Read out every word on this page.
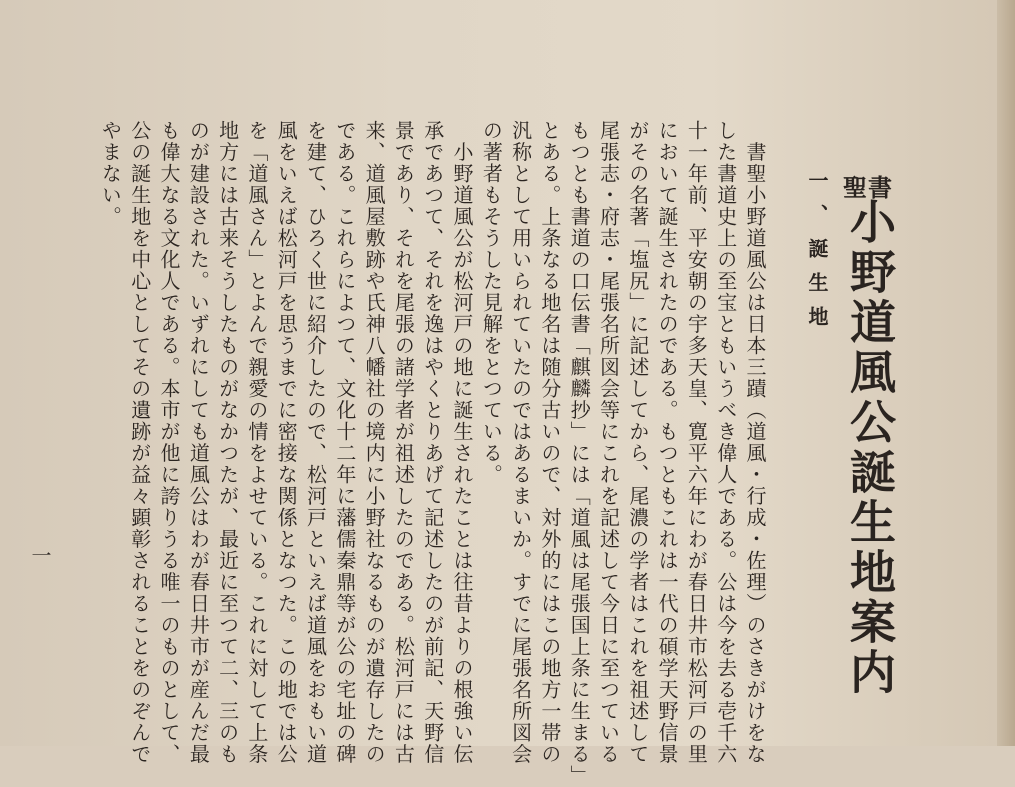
聖書
小野道風公誕生地案内
一、誕生地
　書聖小野道風公は日本三蹟（道風・行成・佐理）のさきがけをな
した書道史上の至宝ともいうべき偉人である。公は今を去る壱千六
十一年前、平安朝の宇多天皇、寛平六年にわが春日井市松河戸の里
において誕生されたのである。もつともこれは一代の碩学天野信景
がその名著「塩尻」に記述してから、尾濃の学者はこれを祖述して
尾張志・府志・尾張名所図会等にこれを記述して今日に至つている
もつとも書道の口伝書「麒麟抄」には「道風は尾張国上条に生まる」
とある。上条なる地名は随分古いので、対外的にはこの地方一帯の
汎称として用いられていたのではあるまいか。すでに尾張名所図会
の著者もそうした見解をとつている。
　小野道風公が松河戸の地に誕生されたことは往昔よりの根強い伝
承であつて、それを逸はやくとりあげて記述したのが前記、天野信
景であり、それを尾張の諸学者が祖述したのである。松河戸には古
来、道風屋敷跡や氏神八幡社の境内に小野社なるものが遺存したの
である。これらによつて、文化十二年に藩儒秦鼎等が公の宅址の碑
を建て、ひろく世に紹介したので、松河戸といえば道風をおもい道
風をいえば松河戸を思うまでに密接な関係となつた。この地では公
を「道風さん」とよんで親愛の情をよせている。これに対して上条
地方には古来そうしたものがなかつたが、最近に至つて二、三のも
のが建設された。いずれにしても道風公はわが春日井市が産んだ最
も偉大なる文化人である。本市が他に誇りうる唯一のものとして、
公の誕生地を中心としてその遺跡が益々顕彰されることをのぞんで
やまない。
一
